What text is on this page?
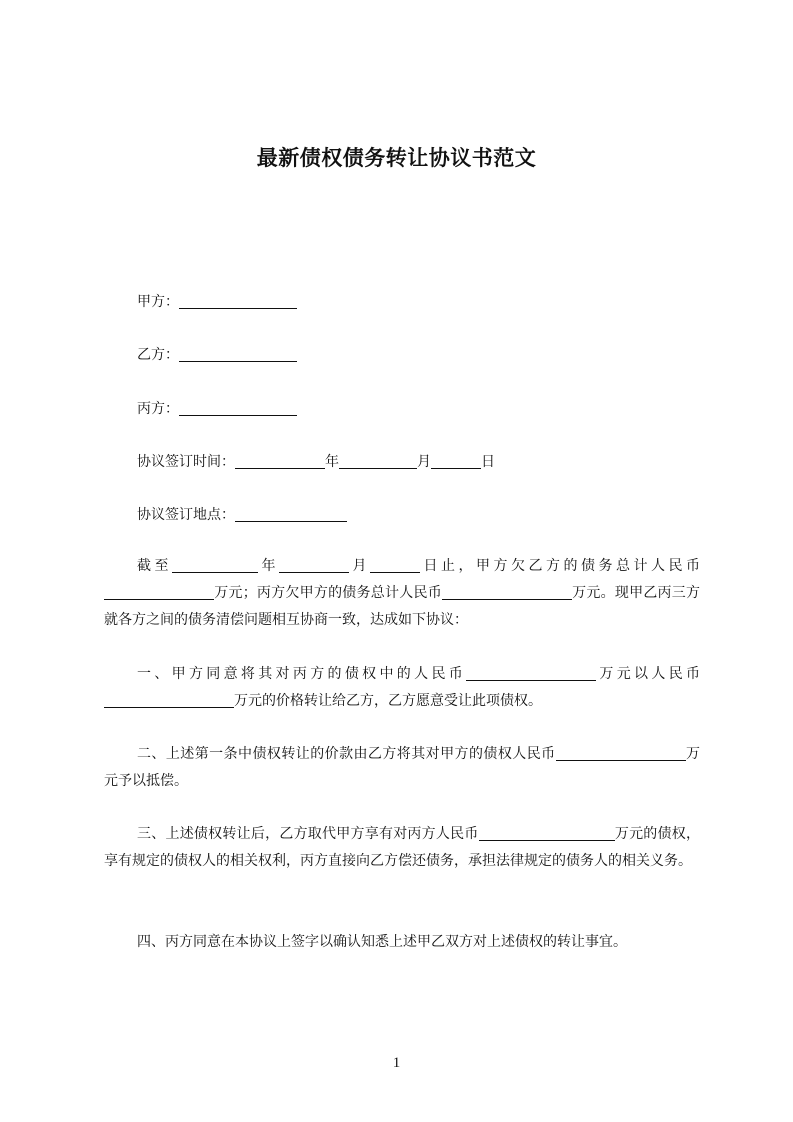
最新债权债务转让协议书范文
甲方：
乙方：
丙方：
协议签订时间：	年	月	日
协议签订地点：

截至	年	月	日止，甲方欠乙方的债务总计人民币万元；丙方欠甲方的债务总计人民币	万元。现甲乙丙三方就各方之间的债务清偿问题相互协商一致，达成如下协议：

一、甲方同意将其对丙方的债权中的人民币	万元以人民币万元的价格转让给乙方，乙方愿意受让此项债权。

二、上述第一条中债权转让的价款由乙方将其对甲方的债权人民币	万元予以抵偿。

三、上述债权转让后，乙方取代甲方享有对丙方人民币	万元的债权，享有规定的债权人的相关权利，丙方直接向乙方偿还债务，承担法律规定的债务人的相关义务。

四、丙方同意在本协议上签字以确认知悉上述甲乙双方对上述债权的转让事宜。

1
